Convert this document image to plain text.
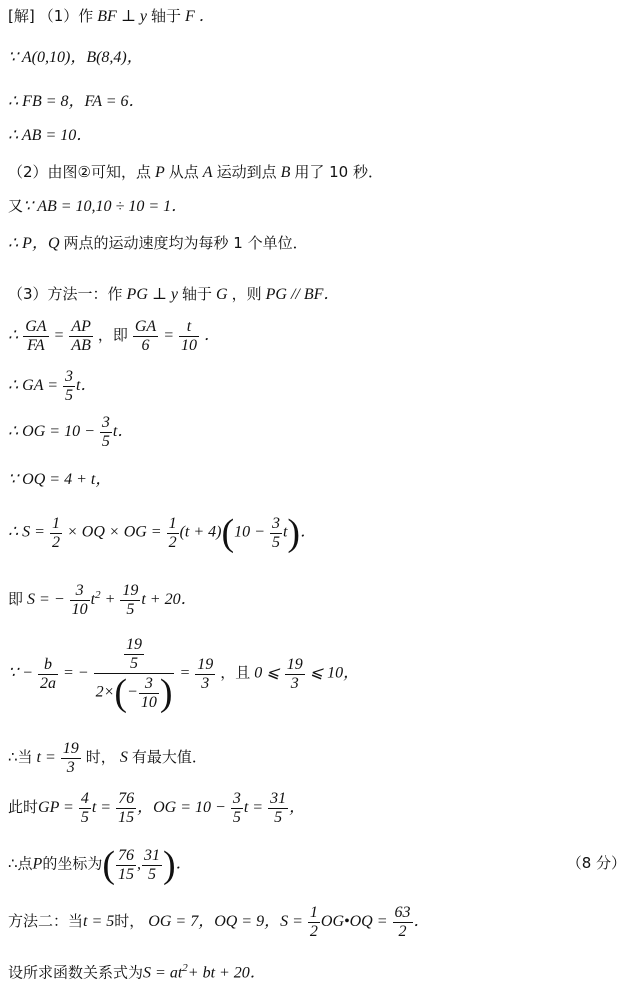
[解] （1）作 BF ⊥ y 轴于 F ．
∵ A(0,10)，B(8,4)，
∴ FB = 8，FA = 6．
∴ AB = 10．
（2）由图②可知，点 P 从点 A 运动到点 B 用了 10 秒．
又∵ AB = 10,10 ÷ 10 = 1．
∴ P，Q 两点的运动速度均为每秒 1 个单位．
（3）方法一：作 PG ⊥ y 轴于 G ，则 PG // BF．
∴ $\frac{GA}{FA} = \frac{AP}{AB}$ ，即 $\frac{GA}{6} = \frac{t}{10}$ ．
∴ GA = $\frac{3}{5}$ t．
∴ OG = $10 - \frac{3}{5}$ t．
∵ OQ = 4 + t，
∴ $S = \frac{1}{2}$ × OQ × OG = $\frac{1}{2} (t + 4)(10 - \frac{3}{5} t)$．
即 S = − $\frac{3}{10} t^2 + \frac{19}{5}$ t + 20．
∵ − $\frac{b}{2a}$ = − $\frac{\frac{19}{5}}{2\times(- \frac{3}{10} )} = \frac{19}{3}$ ，且 0 ⩽ $\frac{19}{3}$ ⩽ 10，
∴当 $t = \frac{19}{3}$ 时， S 有最大值．
此时GP = $\frac{4}{5}$ $t = \frac{76}{15}$ ，OG = $10 - \frac{3}{5}$ $t = \frac{31}{5}$ ，
∴点P的坐标为( $\frac{76}{15}$ , $\frac{31}{5}$ )．	（8 分）
方法二：当t = 5时， OG = 7，OQ = 9，$S = \frac{1}{2}$ OG•OQ = $\frac{63}{2}$ ．
设所求函数关系式为$S = at^2+$ bt + 20．
